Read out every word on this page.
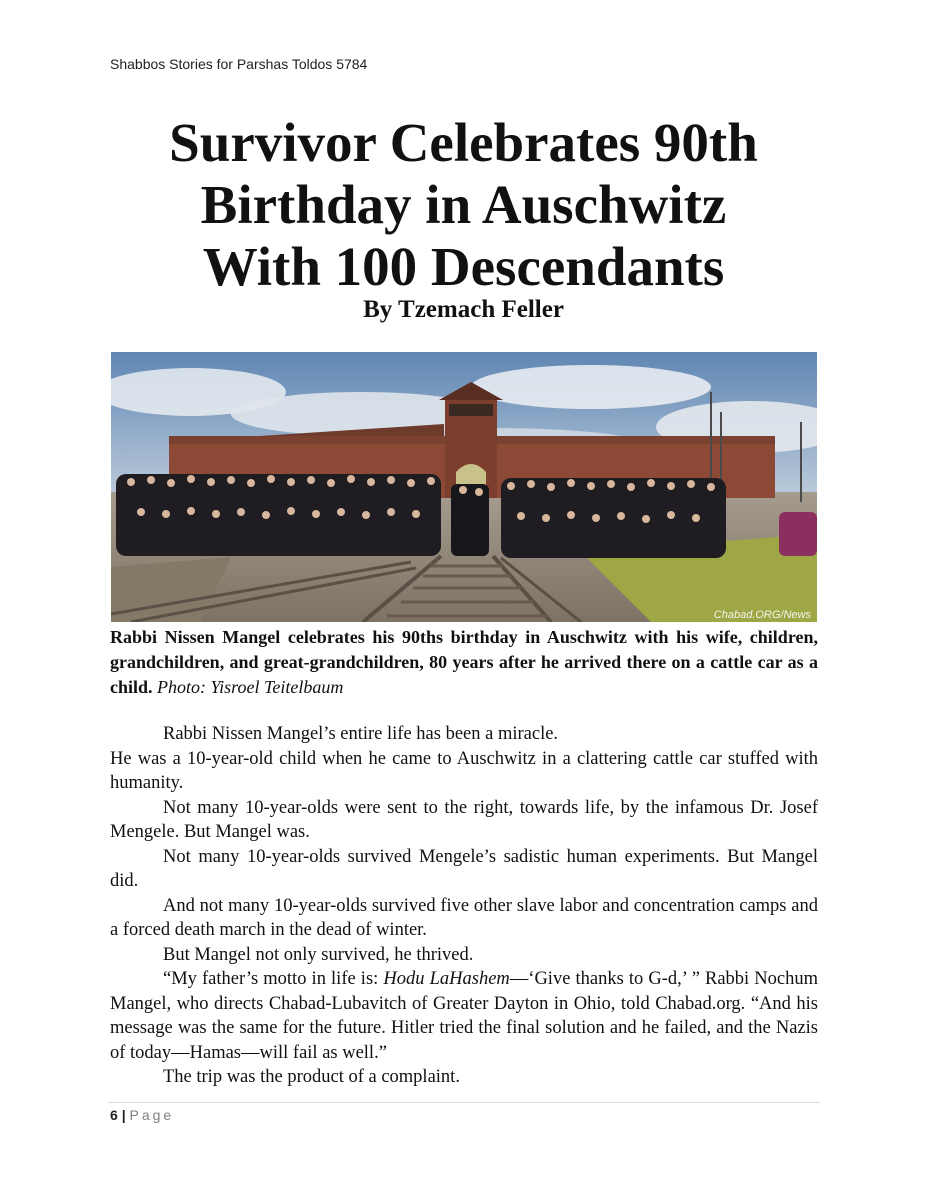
Shabbos Stories for Parshas Toldos 5784
Survivor Celebrates 90th
Birthday in Auschwitz
With 100 Descendants
By Tzemach Feller
Chabad.ORG/News
Rabbi Nissen Mangel celebrates his 90ths birthday in Auschwitz with his wife, children, grandchildren, and great-grandchildren, 80 years after he arrived there on a cattle car as a child. Photo: Yisroel Teitelbaum

Rabbi Nissen Mangel’s entire life has been a miracle.

He was a 10-year-old child when he came to Auschwitz in a clattering cattle car stuffed with humanity.

Not many 10-year-olds were sent to the right, towards life, by the infamous Dr. Josef Mengele. But Mangel was.

Not many 10-year-olds survived Mengele’s sadistic human experiments. But Mangel did.

And not many 10-year-olds survived five other slave labor and concentration camps and a forced death march in the dead of winter.

But Mangel not only survived, he thrived.

“My father’s motto in life is: Hodu LaHashem—‘Give thanks to G-d,’ ” Rabbi Nochum Mangel, who directs Chabad-Lubavitch of Greater Dayton in Ohio, told Chabad.org. “And his message was the same for the future. Hitler tried the final solution and he failed, and the Nazis of today—Hamas—will fail as well.”

The trip was the product of a complaint.

6 | Page
